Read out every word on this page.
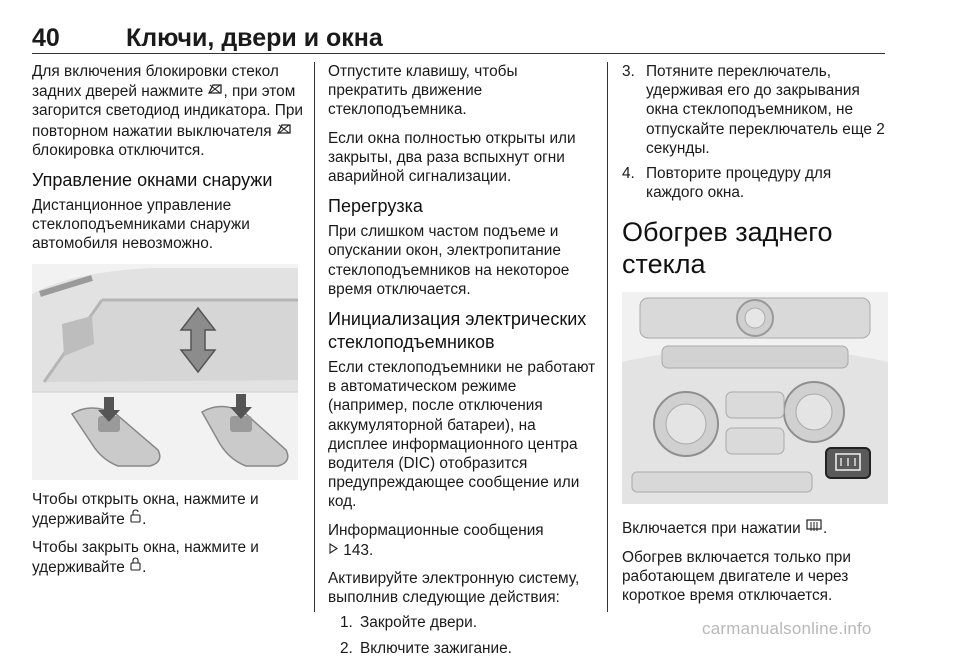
40	Ключи, двери и окна

Для включения блокировки стекол задних дверей нажмите , при этом загорится светодиод индикатора. При повторном нажатии выключателя  блокировка отключится.

Управление окнами снаружи

Дистанционное управление стеклоподъемниками снаружи автомобиля невозможно.

Чтобы открыть окна, нажмите и удерживайте .

Чтобы закрыть окна, нажмите и удерживайте .

Отпустите клавишу, чтобы прекратить движение стеклоподъемника.

Если окна полностью открыты или закрыты, два раза вспыхнут огни аварийной сигнализации.

Перегрузка

При слишком частом подъеме и опускании окон, электропитание стеклоподъемников на некоторое время отключается.

Инициализация электрических стеклоподъемников

Если стеклоподъемники не работают в автоматическом режиме (например, после отключения аккумуляторной батареи), на дисплее информационного центра водителя (DIC) отобразится предупреждающее сообщение или код.

Информационные сообщения
143.

Активируйте электронную систему, выполнив следующие действия:

1. Закройте двери.
2. Включите зажигание.
3. Потяните переключатель, удерживая его до закрывания окна стеклоподъемником, не отпускайте переключатель еще 2 секунды.
4. Повторите процедуру для каждого окна.
Обогрев заднего стекла

Включается при нажатии .

Обогрев включается только при работающем двигателе и через короткое время отключается.

carmanualsonline.info
